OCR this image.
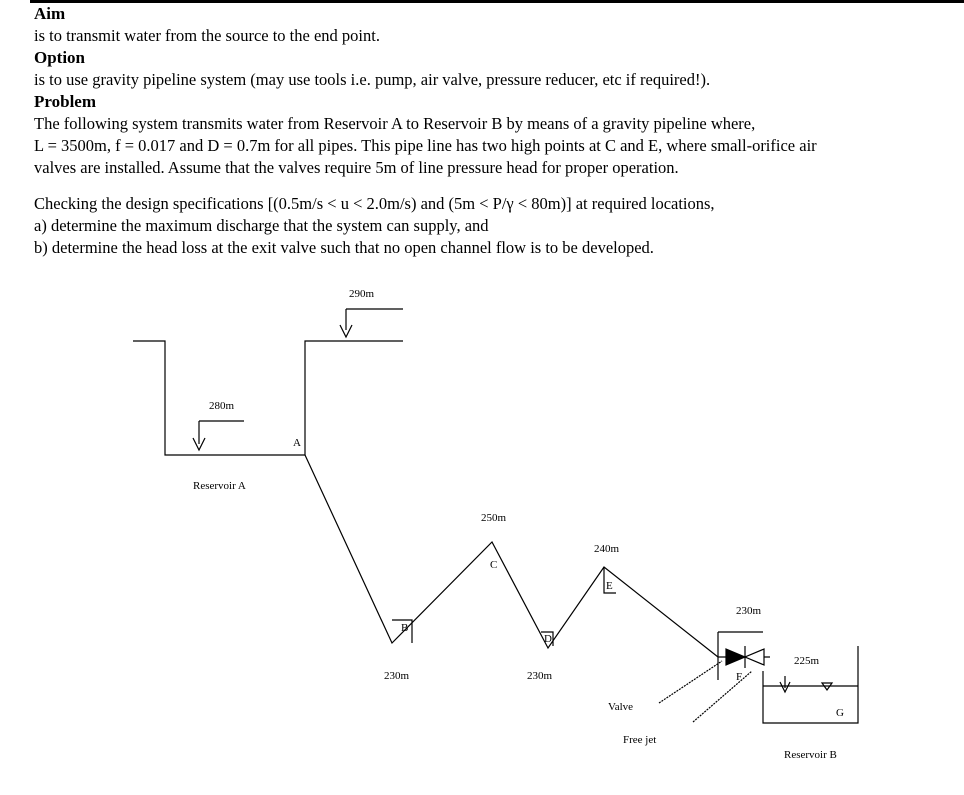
Aim
is to transmit water from the source to the end point.
Option
is to use gravity pipeline system (may use tools i.e. pump, air valve, pressure reducer, etc if required!).
Problem
The following system transmits water from Reservoir A to Reservoir B by means of a gravity pipeline where,
L = 3500m, f = 0.017 and D = 0.7m for all pipes. This pipe line has two high points at C and E, where small-orifice air
valves are installed. Assume that the valves require 5m of line pressure head for proper operation.
Checking the design specifications [(0.5m/s < u < 2.0m/s) and (5m < P/γ < 80m)] at required locations,
a) determine the maximum discharge that the system can supply, and
b) determine the head loss at the exit valve such that no open channel flow is to be developed.
290m
280m
A
Reservoir A
250m
C
240m
E
B
230m
D
230m
230m
F
225m
G
Valve
Free jet
Reservoir B
